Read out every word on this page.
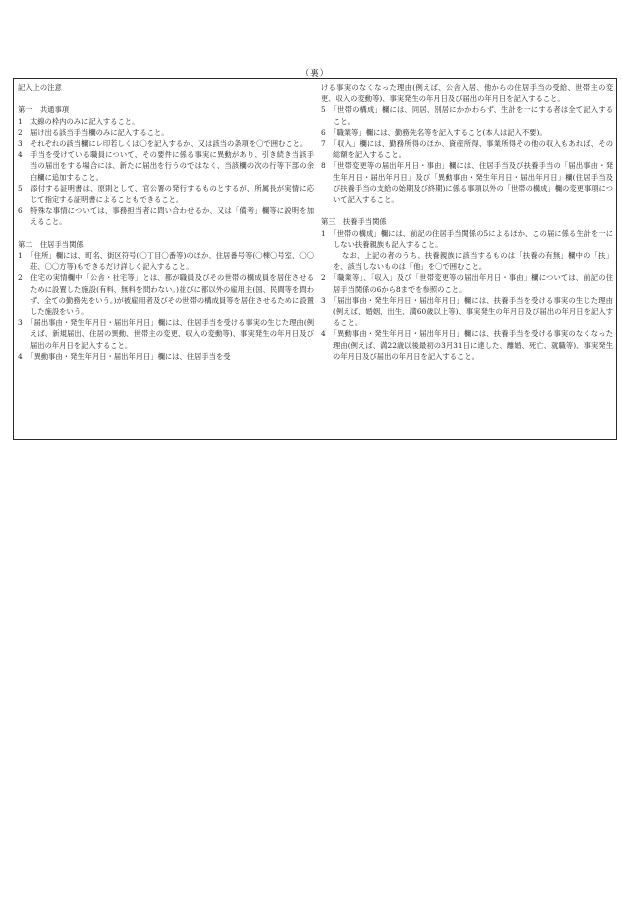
（裏）

記入上の注意

第一　共通事項

1　太線の枠内のみに記入すること。

2　届け出る該当手当欄のみに記入すること。

3　それぞれの該当欄にレ印若しくは〇を記入するか、又は該当の条項を〇で囲むこと。

4　手当を受けている職員について、その要件に係る事実に異動があり、引き続き当該手当の届出をする場合には、新たに届出を行うのではなく、当該欄の次の行等下部の余白欄に追加すること。

5　添付する証明書は、原則として、官公署の発行するものとするが、所属長が実情に応じて指定する証明書によることもできること。

6　特殊な事情については、事務担当者に問い合わせるか、又は「備考」欄等に説明を加えること。

第二　住居手当関係

1　「住所」欄には、町名、街区符号(〇丁目〇番等)のほか、住居番号等(〇棟〇号室、〇〇荘、〇〇方等)もできるだけ詳しく記入すること。

2　住宅の実情欄中「公舎・社宅等」とは、都が職員及びその世帯の構成員を居住させるために設置した施設(有料、無料を問わない。)並びに都以外の雇用主(国、民間等を問わず、全ての勤務先をいう。)が被雇用者及びその世帯の構成員等を居住させるために設置した施設をいう。

3　「届出事由・発生年月日・届出年月日」欄には、住居手当を受ける事実の生じた理由(例えば、新規届出、住居の異動、世帯主の変更、収入の変動等)、事実発生の年月日及び届出の年月日を記入すること。

4　「異動事由・発生年月日・届出年月日」欄には、住居手当を受

ける事実のなくなった理由(例えば、公舎入居、他からの住居手当の受給、世帯主の変更、収入の変動等)、事実発生の年月日及び届出の年月日を記入すること。

5　「世帯の構成」欄には、同居、別居にかかわらず、生計を一にする者は全て記入すること。

6　「職業等」欄には、勤務先名等を記入すること(本人は記入不要)。

7　「収入」欄には、勤務所得のほか、資産所得、事業所得その他の収入もあれば、その総額を記入すること。

8　「世帯変更等の届出年月日・事由」欄には、住居手当及び扶養手当の「届出事由・発生年月日・届出年月日」及び「異動事由・発生年月日・届出年月日」欄(住居手当及び扶養手当の支給の始期及び終期)に係る事項以外の「世帯の構成」欄の変更事項について記入すること。

第三　扶養手当関係

1　「世帯の構成」欄には、前記の住居手当関係の5によるほか、この届に係る生計を一にしない扶養親族も記入すること。

なお、上記の者のうち、扶養親族に該当するものは「扶養の有無」欄中の「扶」を、該当しないものは「他」を〇で囲むこと。

2　「職業等」、「収入」及び「世帯変更等の届出年月日・事由」欄については、前記の住居手当関係の6から8までを参照のこと。

3　「届出事由・発生年月日・届出年月日」欄には、扶養手当を受ける事実の生じた理由(例えば、婚姻、出生、満60歳以上等)、事実発生の年月日及び届出の年月日を記入すること。

4　「異動事由・発生年月日・届出年月日」欄には、扶養手当を受ける事実のなくなった理由(例えば、満22歳以後最初の3月31日に達した、離婚、死亡、就職等)、事実発生の年月日及び届出の年月日を記入すること。
